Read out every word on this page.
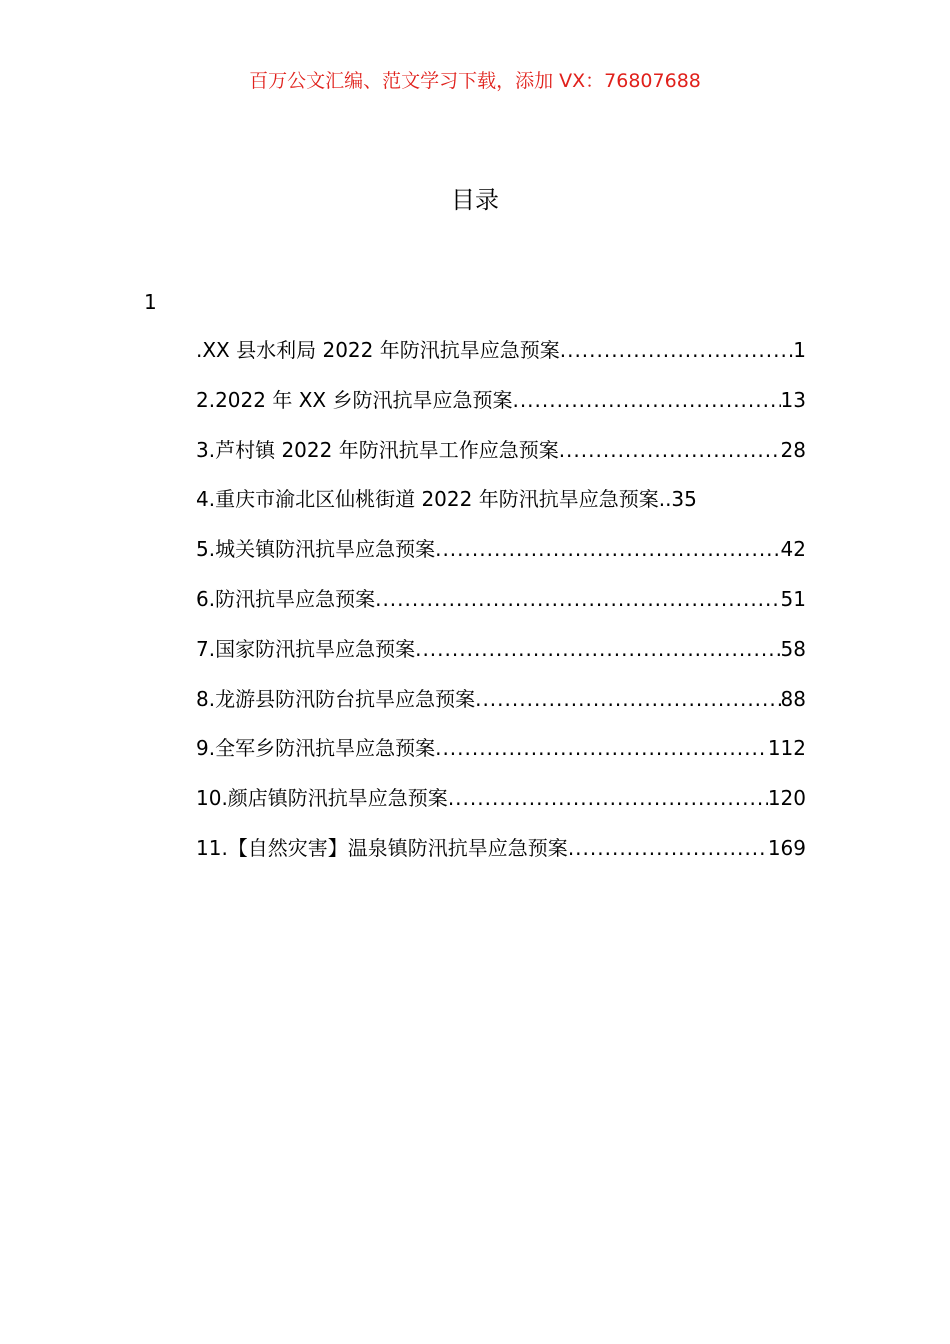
百万公文汇编、范文学习下载，添加 VX：76807688
目录
1
.XX 县水利局 2022 年防汛抗旱应急预案 .....	1
2.2022 年 XX 乡防汛抗旱应急预案 .....	13
3.芦村镇 2022 年防汛抗旱工作应急预案 .....	28
4.重庆市渝北区仙桃街道 2022 年防汛抗旱应急预案. .35
5.城关镇防汛抗旱应急预案 .....	42
6.防汛抗旱应急预案 .....	51
7.国家防汛抗旱应急预案 .....	58
8.龙游县防汛防台抗旱应急预案 .....	88
9.全军乡防汛抗旱应急预案 .....	112
10.颜店镇防汛抗旱应急预案 .....	120
11.【自然灾害】温泉镇防汛抗旱应急预案 .....	169
